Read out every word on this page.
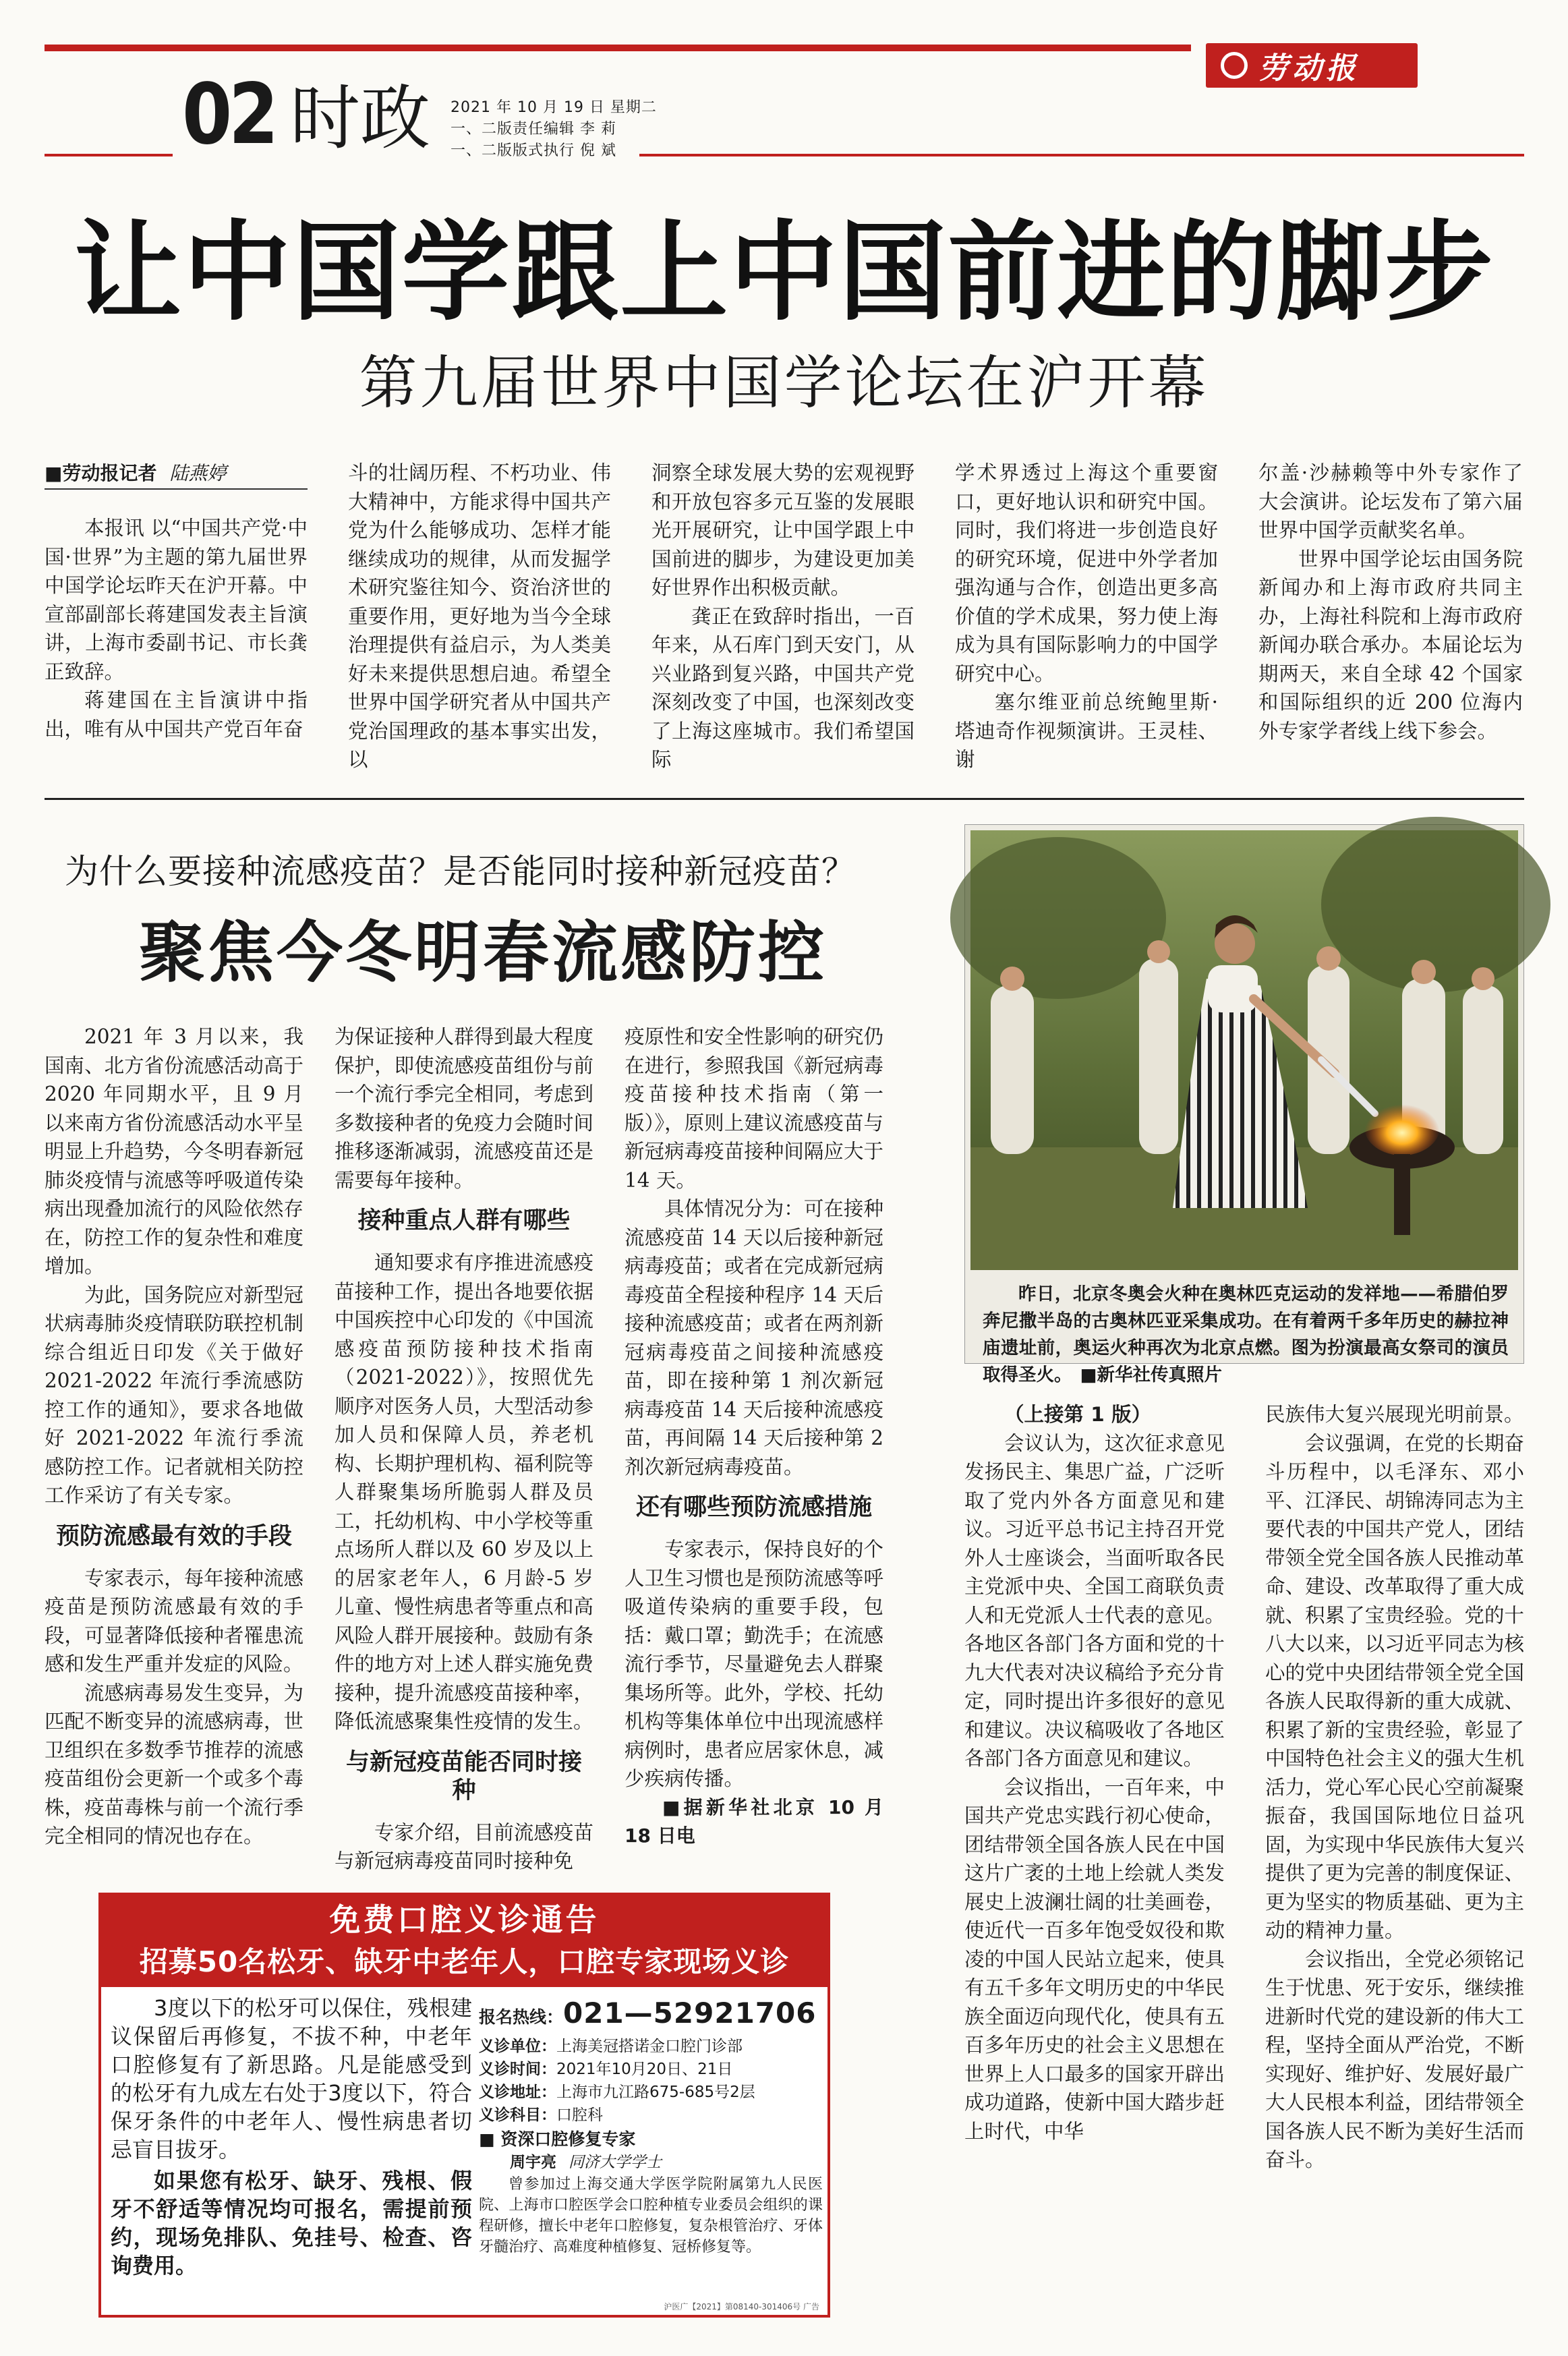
02 时政 2021 年 10 月 19 日 星期二
一、二版责任编辑 李 莉
一、二版版式执行 倪 斌
劳动报
让中国学跟上中国前进的脚步
第九届世界中国学论坛在沪开幕
■劳动报记者 陆燕婷

本报讯 以“中国共产党·中国·世界”为主题的第九届世界中国学论坛昨天在沪开幕。中宣部副部长蒋建国发表主旨演讲，上海市委副书记、市长龚正致辞。

蒋建国在主旨演讲中指出，唯有从中国共产党百年奋

斗的壮阔历程、不朽功业、伟大精神中，方能求得中国共产党为什么能够成功、怎样才能继续成功的规律，从而发掘学术研究鉴往知今、资治济世的重要作用，更好地为当今全球治理提供有益启示，为人类美好未来提供思想启迪。希望全世界中国学研究者从中国共产党治国理政的基本事实出发，以

洞察全球发展大势的宏观视野和开放包容多元互鉴的发展眼光开展研究，让中国学跟上中国前进的脚步，为建设更加美好世界作出积极贡献。

龚正在致辞时指出，一百年来，从石库门到天安门，从兴业路到复兴路，中国共产党深刻改变了中国，也深刻改变了上海这座城市。我们希望国际

学术界透过上海这个重要窗口，更好地认识和研究中国。同时，我们将进一步创造良好的研究环境，促进中外学者加强沟通与合作，创造出更多高价值的学术成果，努力使上海成为具有国际影响力的中国学研究中心。

塞尔维亚前总统鲍里斯·塔迪奇作视频演讲。王灵桂、谢

尔盖·沙赫赖等中外专家作了大会演讲。论坛发布了第六届世界中国学贡献奖名单。

世界中国学论坛由国务院新闻办和上海市政府共同主办，上海社科院和上海市政府新闻办联合承办。本届论坛为期两天，来自全球 42 个国家和国际组织的近 200 位海内外专家学者线上线下参会。

为什么要接种流感疫苗？是否能同时接种新冠疫苗？
聚焦今冬明春流感防控

2021 年 3 月以来，我国南、北方省份流感活动高于 2020 年同期水平，且 9 月以来南方省份流感活动水平呈明显上升趋势，今冬明春新冠肺炎疫情与流感等呼吸道传染病出现叠加流行的风险依然存在，防控工作的复杂性和难度增加。

为此，国务院应对新型冠状病毒肺炎疫情联防联控机制综合组近日印发《关于做好 2021-2022 年流行季流感防控工作的通知》，要求各地做好 2021-2022 年流行季流感防控工作。记者就相关防控工作采访了有关专家。

预防流感最有效的手段

专家表示，每年接种流感疫苗是预防流感最有效的手段，可显著降低接种者罹患流感和发生严重并发症的风险。

流感病毒易发生变异，为匹配不断变异的流感病毒，世卫组织在多数季节推荐的流感疫苗组份会更新一个或多个毒株，疫苗毒株与前一个流行季完全相同的情况也存在。

为保证接种人群得到最大程度保护，即使流感疫苗组份与前一个流行季完全相同，考虑到多数接种者的免疫力会随时间推移逐渐减弱，流感疫苗还是需要每年接种。

接种重点人群有哪些

通知要求有序推进流感疫苗接种工作，提出各地要依据中国疾控中心印发的《中国流感疫苗预防接种技术指南（2021-2022）》，按照优先顺序对医务人员，大型活动参加人员和保障人员，养老机构、长期护理机构、福利院等人群聚集场所脆弱人群及员工，托幼机构、中小学校等重点场所人群以及 60 岁及以上的居家老年人，6 月龄-5 岁儿童、慢性病患者等重点和高风险人群开展接种。鼓励有条件的地方对上述人群实施免费接种，提升流感疫苗接种率，降低流感聚集性疫情的发生。

与新冠疫苗能否同时接种

专家介绍，目前流感疫苗与新冠病毒疫苗同时接种免

疫原性和安全性影响的研究仍在进行，参照我国《新冠病毒疫苗接种技术指南（第一版）》，原则上建议流感疫苗与新冠病毒疫苗接种间隔应大于 14 天。

具体情况分为：可在接种流感疫苗 14 天以后接种新冠病毒疫苗；或者在完成新冠病毒疫苗全程接种程序 14 天后接种流感疫苗；或者在两剂新冠病毒疫苗之间接种流感疫苗，即在接种第 1 剂次新冠病毒疫苗 14 天后接种流感疫苗，再间隔 14 天后接种第 2 剂次新冠病毒疫苗。

还有哪些预防流感措施

专家表示，保持良好的个人卫生习惯也是预防流感等呼吸道传染病的重要手段，包括：戴口罩；勤洗手；在流感流行季节，尽量避免去人群聚集场所等。此外，学校、托幼机构等集体单位中出现流感样病例时，患者应居家休息，减少疾病传播。

■据新华社北京 10 月 18 日电

昨日，北京冬奥会火种在奥林匹克运动的发祥地——希腊伯罗奔尼撒半岛的古奥林匹亚采集成功。在有着两千多年历史的赫拉神庙遗址前，奥运火种再次为北京点燃。图为扮演最高女祭司的演员取得圣火。 ■新华社传真照片

（上接第 1 版）

会议认为，这次征求意见发扬民主、集思广益，广泛听取了党内外各方面意见和建议。习近平总书记主持召开党外人士座谈会，当面听取各民主党派中央、全国工商联负责人和无党派人士代表的意见。各地区各部门各方面和党的十九大代表对决议稿给予充分肯定，同时提出许多很好的意见和建议。决议稿吸收了各地区各部门各方面意见和建议。

会议指出，一百年来，中国共产党忠实践行初心使命，团结带领全国各族人民在中国这片广袤的土地上绘就人类发展史上波澜壮阔的壮美画卷，使近代一百多年饱受奴役和欺凌的中国人民站立起来，使具有五千多年文明历史的中华民族全面迈向现代化，使具有五百多年历史的社会主义思想在世界上人口最多的国家开辟出成功道路，使新中国大踏步赶上时代，中华

民族伟大复兴展现光明前景。

会议强调，在党的长期奋斗历程中，以毛泽东、邓小平、江泽民、胡锦涛同志为主要代表的中国共产党人，团结带领全党全国各族人民推动革命、建设、改革取得了重大成就、积累了宝贵经验。党的十八大以来，以习近平同志为核心的党中央团结带领全党全国各族人民取得新的重大成就、积累了新的宝贵经验，彰显了中国特色社会主义的强大生机活力，党心军心民心空前凝聚振奋，我国国际地位日益巩固，为实现中华民族伟大复兴提供了更为完善的制度保证、更为坚实的物质基础、更为主动的精神力量。

会议指出，全党必须铭记生于忧患、死于安乐，继续推进新时代党的建设新的伟大工程，坚持全面从严治党，不断实现好、维护好、发展好最广大人民根本利益，团结带领全国各族人民不断为美好生活而奋斗。

免费口腔义诊通告
招募50名松牙、缺牙中老年人，口腔专家现场义诊

3度以下的松牙可以保住，残根建议保留后再修复，不拔不种，中老年口腔修复有了新思路。凡是能感受到的松牙有九成左右处于3度以下，符合保牙条件的中老年人、慢性病患者切忌盲目拔牙。

如果您有松牙、缺牙、残根、假牙不舒适等情况均可报名，需提前预约，现场免排队、免挂号、检查、咨询费用。

报名热线：021—52921706
义诊单位：上海美冠搭诺金口腔门诊部
义诊时间：2021年10月20日、21日
义诊地址：上海市九江路675-685号2层
义诊科目：口腔科
■ 资深口腔修复专家
周宇亮 同济大学学士
曾参加过上海交通大学医学院附属第九人民医院、上海市口腔医学会口腔种植专业委员会组织的课程研修，擅长中老年口腔修复，复杂根管治疗、牙体牙髓治疗、高难度种植修复、冠桥修复等。
沪医广【2021】第08140-301406号 广告
